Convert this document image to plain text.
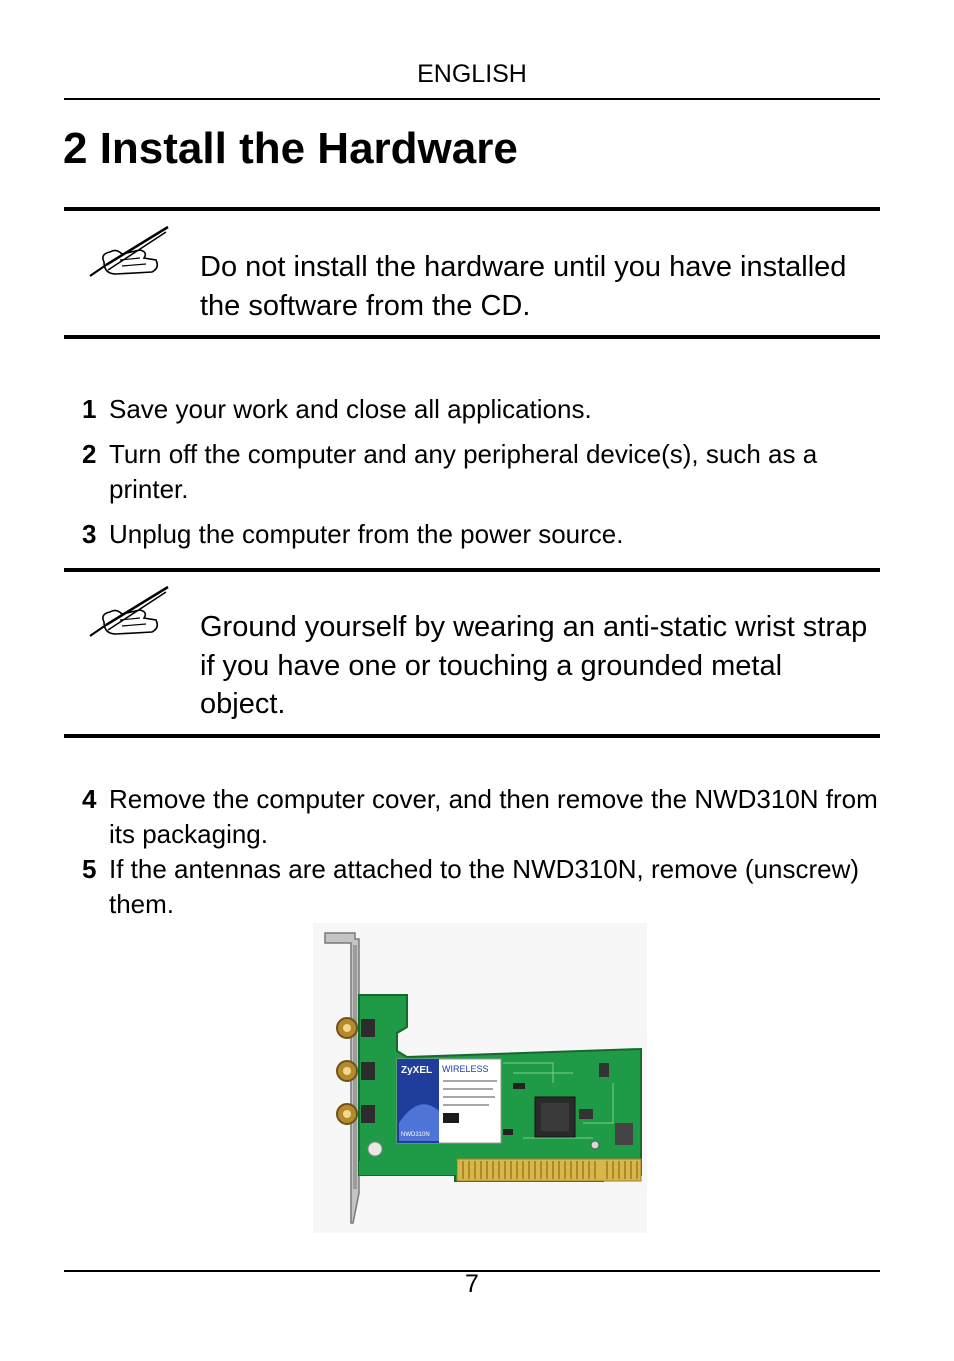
ENGLISH
2 Install the Hardware
Do not install the hardware until you have installed the software from the CD.
1 Save your work and close all applications.
2 Turn off the computer and any peripheral device(s), such as a printer.
3 Unplug the computer from the power source.
Ground yourself by wearing an anti-static wrist strap if you have one or touching a grounded metal object.
4 Remove the computer cover, and then remove the NWD310N from its packaging.
5 If the antennas are attached to the NWD310N, remove (unscrew) them.
ZyXEL WIRELESS
NWD310N
7
